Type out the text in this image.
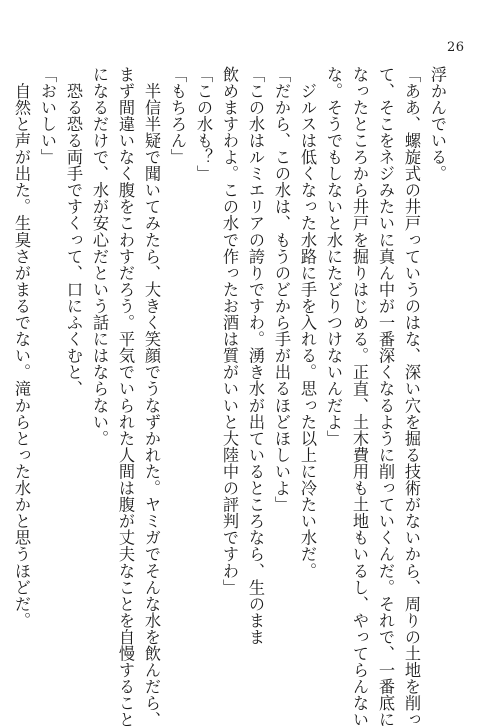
26
浮かんでいる。
「ああ、螺旋式の井戸っていうのはな、深い穴を掘る技術がないから、周りの土地を削っ
て、そこをネジみたいに真ん中が一番深くなるように削っていくんだ。それで、一番底に
なったところから井戸を掘りはじめる。正直、土木費用も土地もいるし、やってらんない
な。そうでもしないと水にたどりつけないんだよ」
　ジルスは低くなった水路に手を入れる。思った以上に冷たい水だ。
「だから、この水は、もうのどから手が出るほどほしいよ」
「この水はルミエリアの誇りですわ。湧き水が出ているところなら、生のまま
飲めますわよ。この水で作ったお酒は質がいいと大陸中の評判ですわ」
「この水も？」
「もちろん」
　半信半疑で聞いてみたら、大きく笑顔でうなずかれた。ヤミガでそんな水を飲んだら、
まず間違いなく腹をこわすだろう。平気でいられた人間は腹が丈夫なことを自慢すること
になるだけで、水が安心だという話にはならない。
　恐る恐る両手ですくって、口にふくむと、
「おいしい」
　自然と声が出た。生臭さがまるでない。滝からとった水かと思うほどだ。
